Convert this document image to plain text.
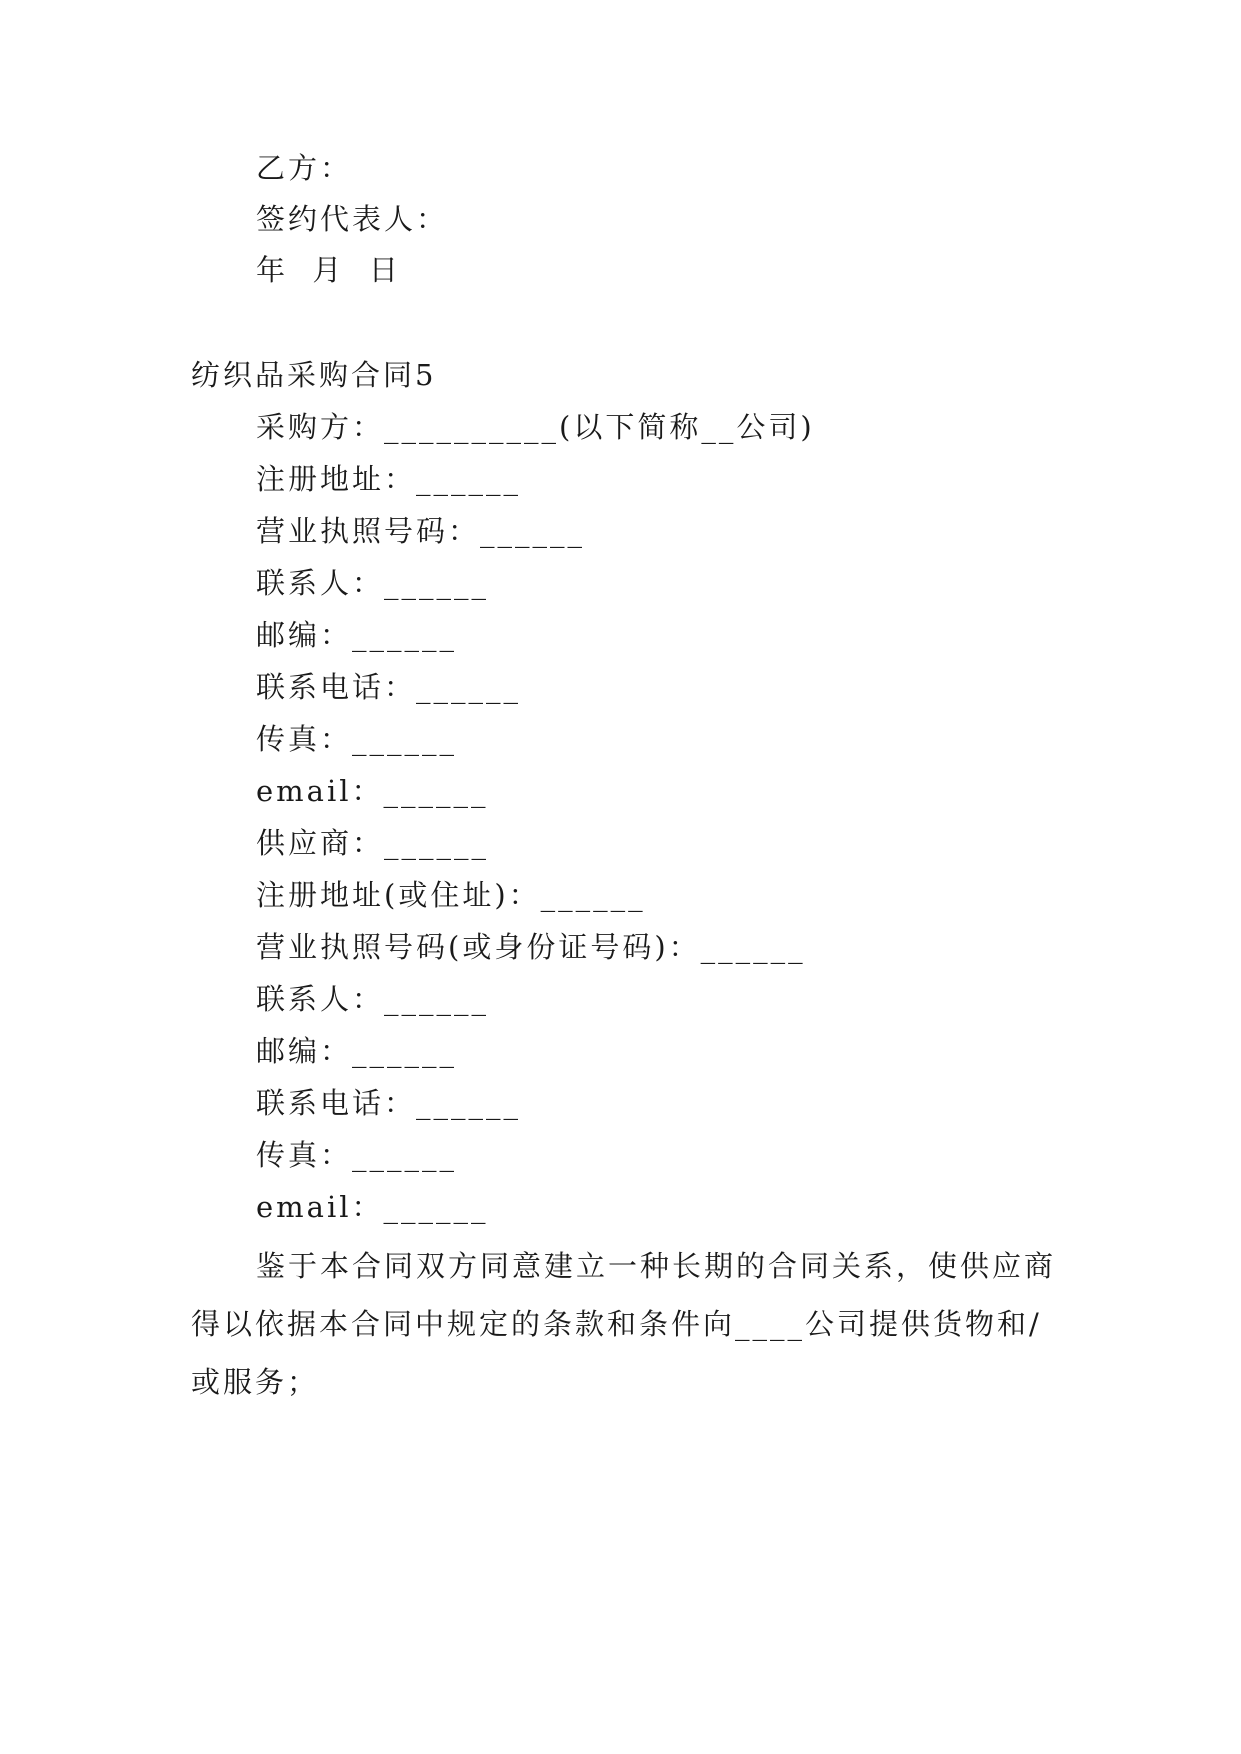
乙方：
签约代表人：
年  月  日
纺织品采购合同5
采购方：__________(以下简称__公司)
注册地址：______
营业执照号码：______
联系人：______
邮编：______
联系电话：______
传真：______
email：______
供应商：______
注册地址(或住址)：______
营业执照号码(或身份证号码)：______
联系人：______
邮编：______
联系电话：______
传真：______
email：______
鉴于本合同双方同意建立一种长期的合同关系，使供应商得以依据本合同中规定的条款和条件向____公司提供货物和/或服务；
